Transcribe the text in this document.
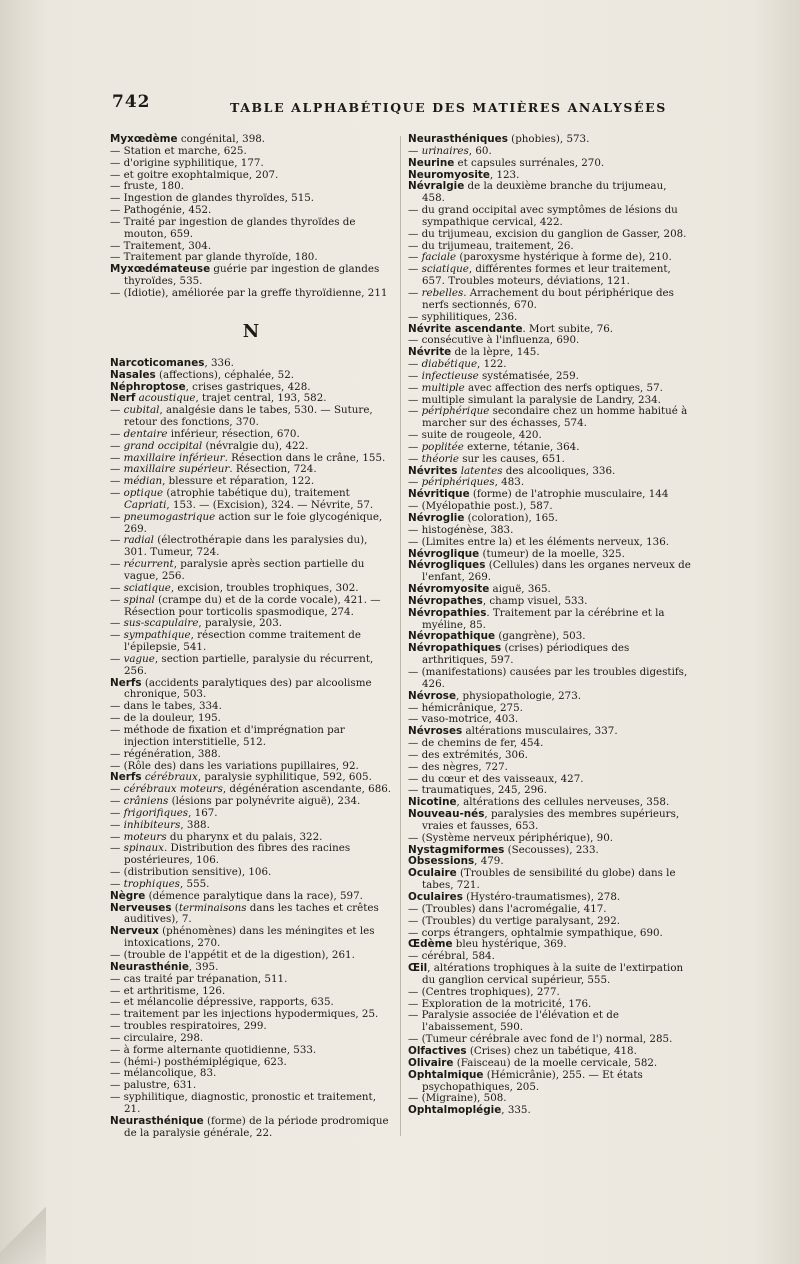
742	TABLE ALPHABÉTIQUE DES MATIÈRES ANALYSÉES
Myxœdème congénital, 398.
— Station et marche, 625.
— d'origine syphilitique, 177.
— et goitre exophtalmique, 207.
— fruste, 180.
— Ingestion de glandes thyroïdes, 515.
— Pathogénie, 452.
— Traité par ingestion de glandes thyroïdes de mouton, 659.
— Traitement, 304.
— Traitement par glande thyroïde, 180.
Myxœdémateuse guérie par ingestion de glandes thyroïdes, 535.
— (Idiotie), améliorée par la greffe thyroïdienne, 211
N
Narcoticomanes, 336.
Nasales (affections), céphalée, 52.
Néphroptose, crises gastriques, 428.
Nerf acoustique, trajet central, 193, 582.
— cubital, analgésie dans le tabes, 530. — Suture, retour des fonctions, 370.
— dentaire inférieur, résection, 670.
— grand occipital (névralgie du), 422.
— maxillaire inférieur. Résection dans le crâne, 155.
— maxillaire supérieur. Résection, 724.
— médian, blessure et réparation, 122.
— optique (atrophie tabétique du), traitement Capriati, 153. — (Excision), 324. — Névrite, 57.
— pneumogastrique action sur le foie glycogénique, 269.
— radial (électrothérapie dans les paralysies du), 301. Tumeur, 724.
— récurrent, paralysie après section partielle du vague, 256.
— sciatique, excision, troubles trophiques, 302.
— spinal (crampe du) et de la corde vocale), 421. — Résection pour torticolis spasmodique, 274.
— sus-scapulaire, paralysie, 203.
— sympathique, résection comme traitement de l'épilepsie, 541.
— vague, section partielle, paralysie du récurrent, 256.
Nerfs (accidents paralytiques des) par alcoolisme chronique, 503.
— dans le tabes, 334.
— de la douleur, 195.
— méthode de fixation et d'imprégnation par injection interstitielle, 512.
— régénération, 388.
— (Rôle des) dans les variations pupillaires, 92.
Nerfs cérébraux, paralysie syphilitique, 592, 605.
— cérébraux moteurs, dégénération ascendante, 686.
— crâniens (lésions par polynévrite aiguë), 234.
— frigorifiques, 167.
— inhibiteurs, 388.
— moteurs du pharynx et du palais, 322.
— spinaux. Distribution des fibres des racines postérieures, 106.
— (distribution sensitive), 106.
— trophiques, 555.
Nègre (démence paralytique dans la race), 597.
Nerveuses (terminaisons dans les taches et crêtes auditives), 7.
Nerveux (phénomènes) dans les méningites et les intoxications, 270.
— (trouble de l'appétit et de la digestion), 261.
Neurasthénie, 395.
— cas traité par trépanation, 511.
— et arthritisme, 126.
— et mélancolie dépressive, rapports, 635.
— traitement par les injections hypodermiques, 25.
— troubles respiratoires, 299.
— circulaire, 298.
— à forme alternante quotidienne, 533.
— (hémi-) posthémiplégique, 623.
— mélancolique, 83.
— palustre, 631.
— syphilitique, diagnostic, pronostic et traitement, 21.
Neurasthénique (forme) de la période prodromique de la paralysie générale, 22.
Neurasthéniques (phobies), 573.
— urinaires, 60.
Neurine et capsules surrénales, 270.
Neuromyosite, 123.
Névralgie de la deuxième branche du trijumeau, 458.
— du grand occipital avec symptômes de lésions du sympathique cervical, 422.
— du trijumeau, excision du ganglion de Gasser, 208.
— du trijumeau, traitement, 26.
— faciale (paroxysme hystérique à forme de), 210.
— sciatique, différentes formes et leur traitement, 657. Troubles moteurs, déviations, 121.
— rebelles. Arrachement du bout périphérique des nerfs sectionnés, 670.
— syphilitiques, 236.
Névrite ascendante. Mort subite, 76.
— consécutive à l'influenza, 690.
Névrite de la lèpre, 145.
— diabétique, 122.
— infectieuse systématisée, 259.
— multiple avec affection des nerfs optiques, 57.
— multiple simulant la paralysie de Landry, 234.
— périphérique secondaire chez un homme habitué à marcher sur des échasses, 574.
— suite de rougeole, 420.
— poplitée externe, tétanie, 364.
— théorie sur les causes, 651.
Névrites latentes des alcooliques, 336.
— périphériques, 483.
Névritique (forme) de l'atrophie musculaire, 144
— (Myélopathie post.), 587.
Névroglie (coloration), 165.
— histogénèse, 383.
— (Limites entre la) et les éléments nerveux, 136.
Névroglique (tumeur) de la moelle, 325.
Névrogliques (Cellules) dans les organes nerveux de l'enfant, 269.
Névromyosite aiguë, 365.
Névropathes, champ visuel, 533.
Névropathies. Traitement par la cérébrine et la myéline, 85.
Névropathique (gangrène), 503.
Névropathiques (crises) périodiques des arthritiques, 597.
— (manifestations) causées par les troubles digestifs, 426.
Névrose, physiopathologie, 273.
— hémicrânique, 275.
— vaso-motrice, 403.
Névroses altérations musculaires, 337.
— de chemins de fer, 454.
— des extrémités, 306.
— des nègres, 727.
— du cœur et des vaisseaux, 427.
— traumatiques, 245, 296.
Nicotine, altérations des cellules nerveuses, 358.
Nouveau-nés, paralysies des membres supérieurs, vraies et fausses, 653.
— (Système nerveux périphérique), 90.
Nystagmiformes (Secousses), 233.
Obsessions, 479.
Oculaire (Troubles de sensibilité du globe) dans le tabes, 721.
Oculaires (Hystéro-traumatismes), 278.
— (Troubles) dans l'acromégalie, 417.
— (Troubles) du vertige paralysant, 292.
— corps étrangers, ophtalmie sympathique, 690.
Œdème bleu hystérique, 369.
— cérébral, 584.
Œil, altérations trophiques à la suite de l'extirpation du ganglion cervical supérieur, 555.
— (Centres trophiques), 277.
— Exploration de la motricité, 176.
— Paralysie associée de l'élévation et de l'abaissement, 590.
— (Tumeur cérébrale avec fond de l') normal, 285.
Olfactives (Crises) chez un tabétique, 418.
Olivaire (Faisceau) de la moelle cervicale, 582.
Ophtalmique (Hémicrânie), 255. — Et états psychopathiques, 205.
— (Migraine), 508.
Ophtalmoplégie, 335.
